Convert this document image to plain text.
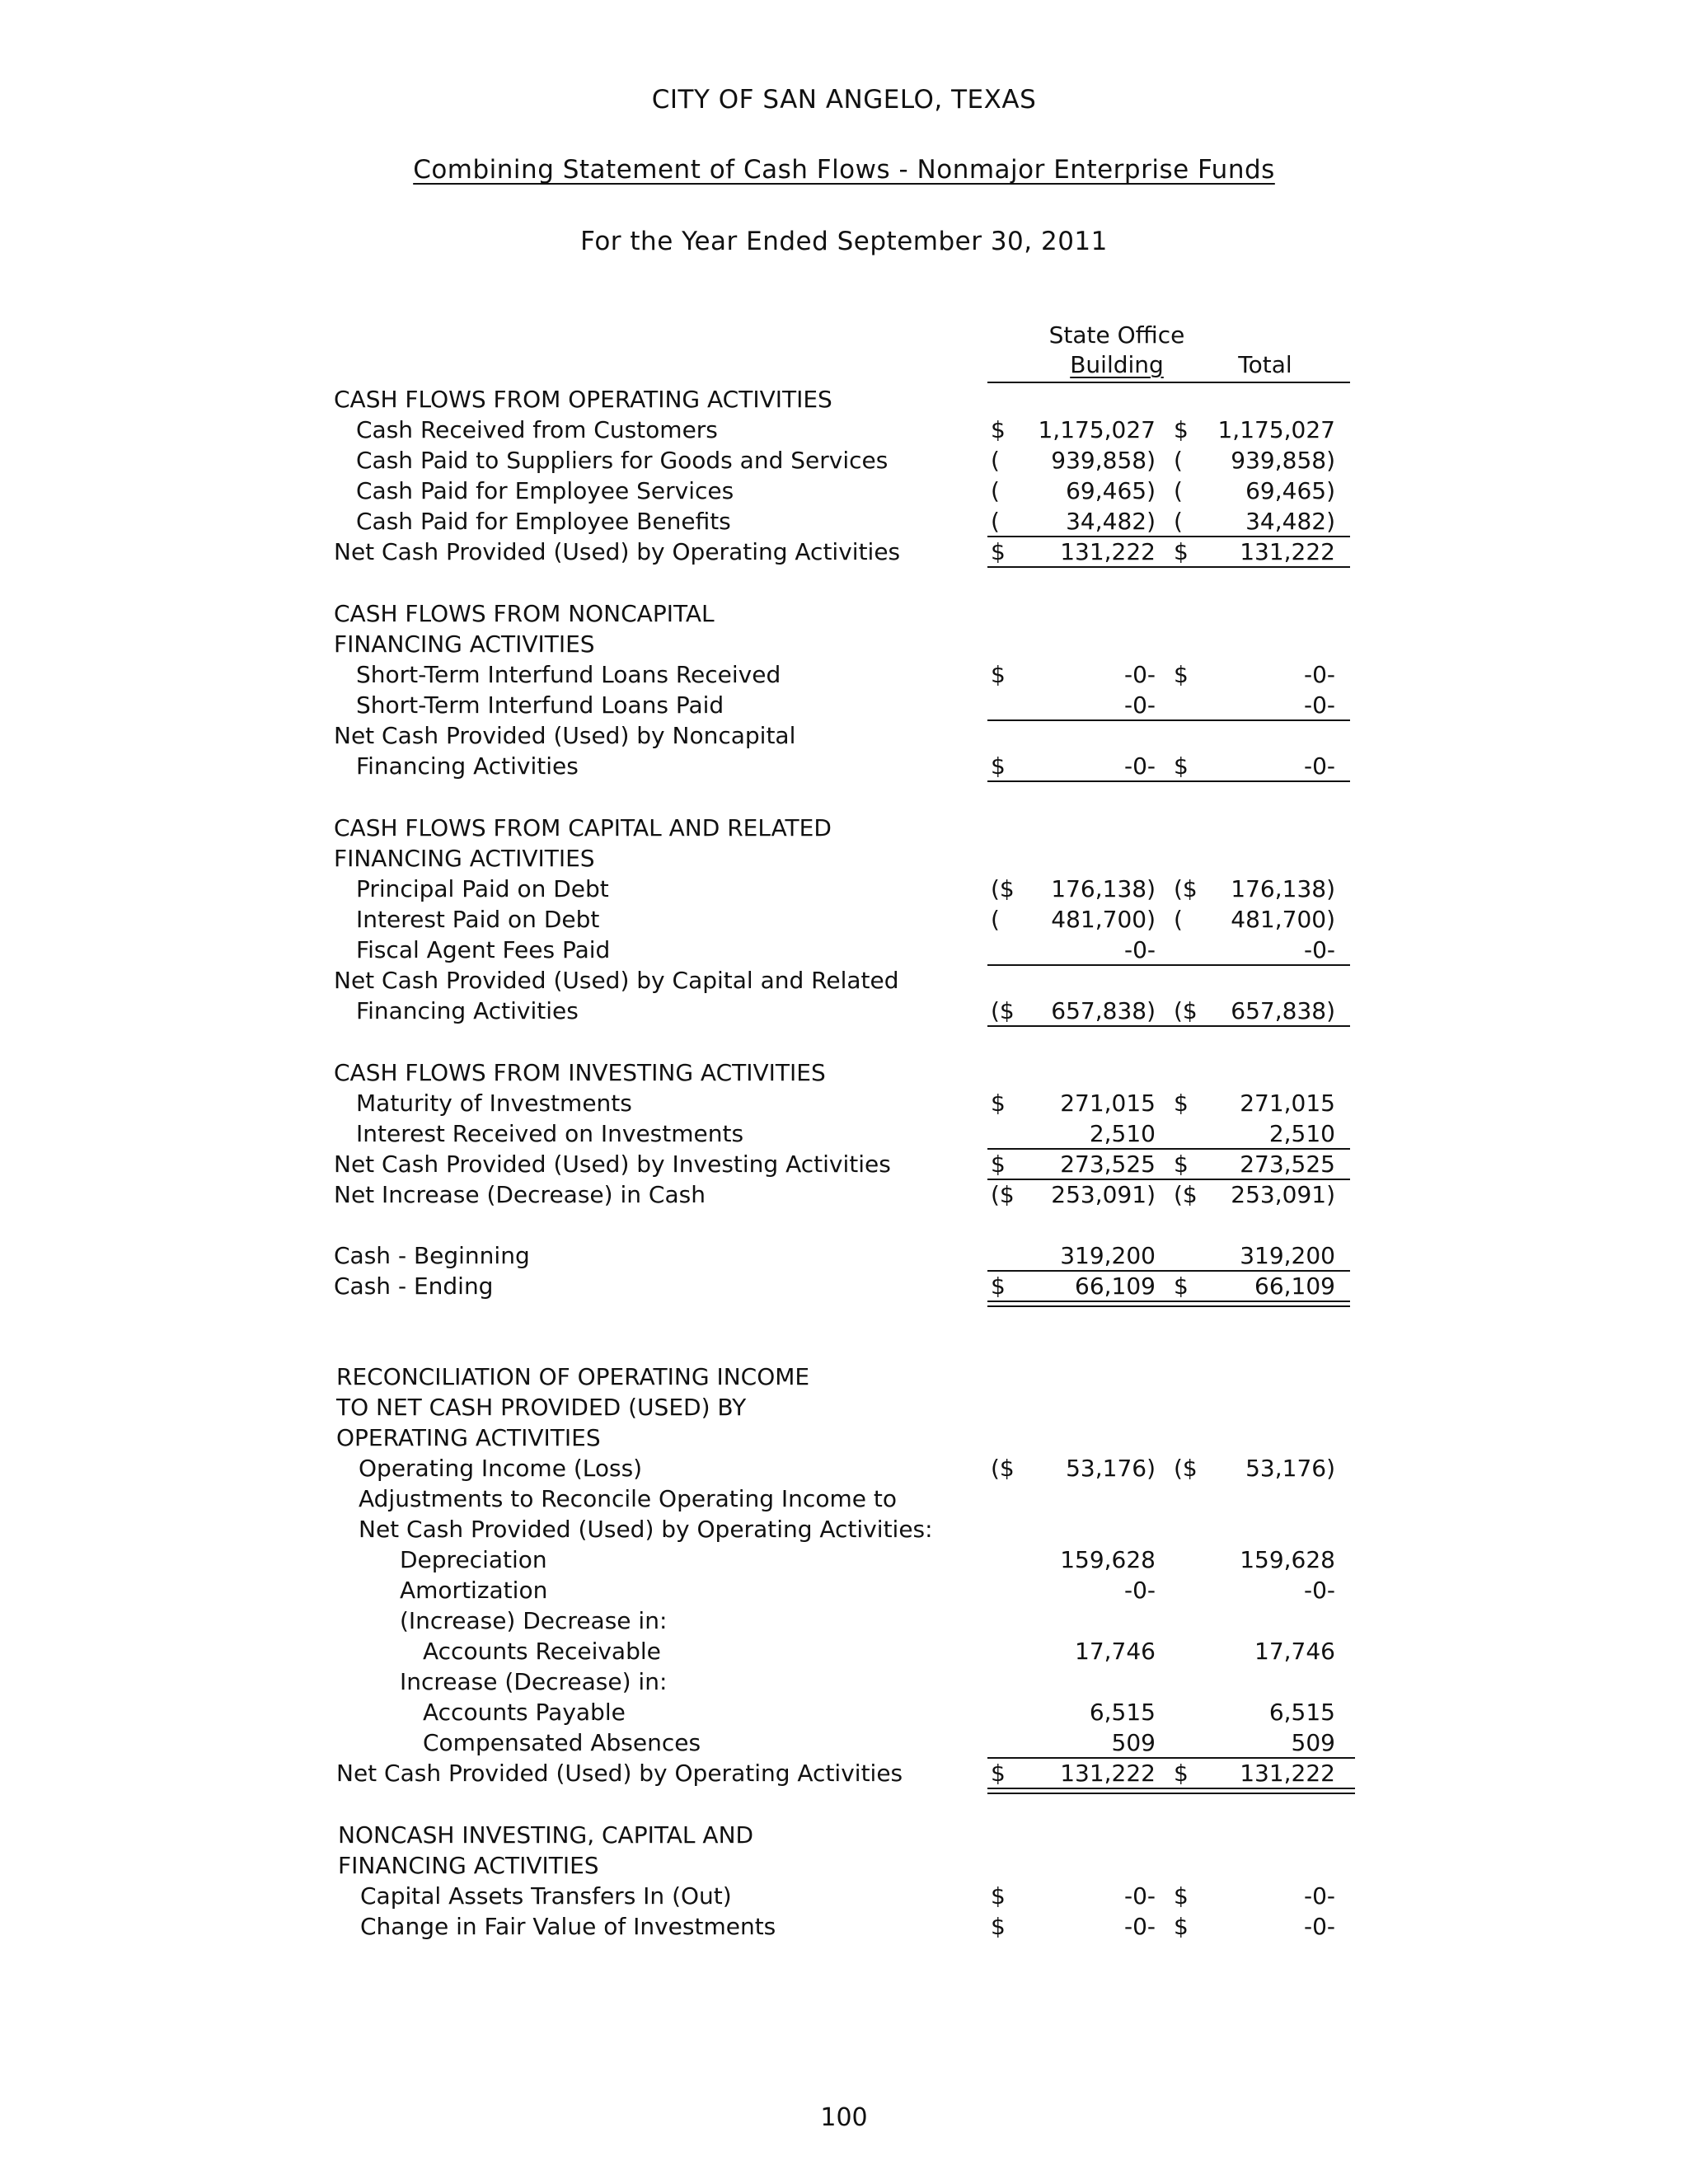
CITY OF SAN ANGELO, TEXAS
Combining Statement of Cash Flows - Nonmajor Enterprise Funds
For the Year Ended September 30, 2011
State Office
Building	Total
CASH FLOWS FROM OPERATING ACTIVITIES
Cash Received from Customers	$	1,175,027 $ 1,175,027
Cash Paid to Suppliers for Goods and Services	(	939,858) (	939,858)
Cash Paid for Employee Services	(	69,465) (	69,465)
Cash Paid for Employee Benefits	(	34,482) (	34,482)
Net Cash Provided (Used) by Operating Activities	$	131,222 $	131,222
CASH FLOWS FROM NONCAPITAL
FINANCING ACTIVITIES
Short-Term Interfund Loans Received	$	-0- $	-0-
Short-Term Interfund Loans Paid	-0-	-0-
Net Cash Provided (Used) by Noncapital
Financing Activities	$	-0- $	-0-
CASH FLOWS FROM CAPITAL AND RELATED
FINANCING ACTIVITIES
Principal Paid on Debt	($	176,138) ($	176,138)
Interest Paid on Debt	(	481,700) (	481,700)
Fiscal Agent Fees Paid	-0-	-0-
Net Cash Provided (Used) by Capital and Related
Financing Activities	($	657,838) ($	657,838)
CASH FLOWS FROM INVESTING ACTIVITIES
Maturity of Investments	$	271,015 $	271,015
Interest Received on Investments	2,510	2,510
Net Cash Provided (Used) by Investing Activities	$	273,525 $	273,525
Net Increase (Decrease) in Cash	($	253,091) ($	253,091)
Cash - Beginning	319,200	319,200
Cash - Ending	$	66,109 $	66,109
RECONCILIATION OF OPERATING INCOME
TO NET CASH PROVIDED (USED) BY
OPERATING ACTIVITIES
Operating Income (Loss)	($	53,176) ($	53,176)
Adjustments to Reconcile Operating Income to
Net Cash Provided (Used) by Operating Activities:
Depreciation	159,628	159,628
Amortization	-0-	-0-
(Increase) Decrease in:
Accounts Receivable	17,746	17,746
Increase (Decrease) in:
Accounts Payable	6,515	6,515
Compensated Absences	509	509
Net Cash Provided (Used) by Operating Activities	$	131,222 $	131,222
NONCASH INVESTING, CAPITAL AND
FINANCING ACTIVITIES
Capital Assets Transfers In (Out)	$	-0- $	-0-
Change in Fair Value of Investments	$	-0- $	-0-
100
